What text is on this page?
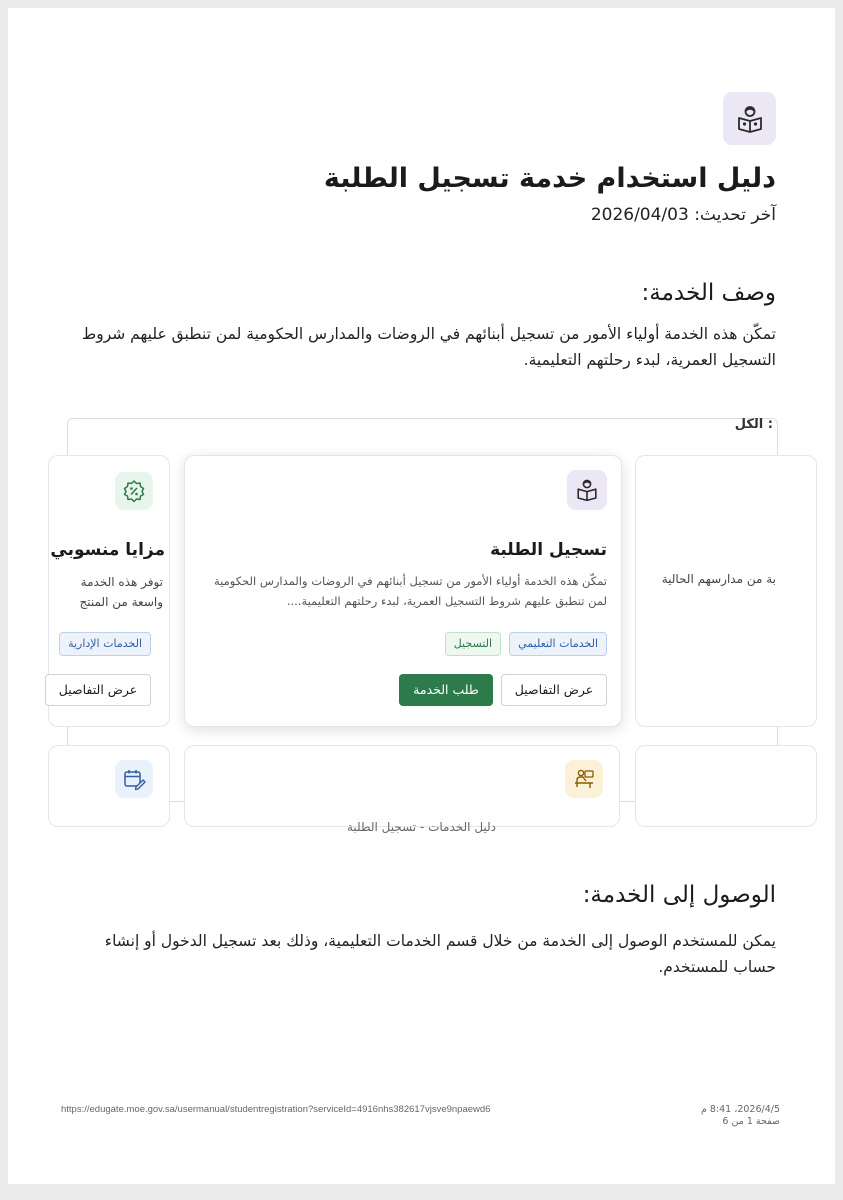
دليل استخدام خدمة تسجيل الطلبة
آخر تحديث: 2026/04/03
وصف الخدمة:
تمكّن هذه الخدمة أولياء الأمور من تسجيل أبنائهم في الروضات والمدارس الحكومية لمن تنطبق عليهم شروط التسجيل العمرية، لبدء رحلتهم التعليمية.
: الكل
بة من مدارسهم الحالية
تسجيل الطلبة
تمكّن هذه الخدمة أولياء الأمور من تسجيل أبنائهم في الروضات والمدارس الحكومية لمن تنطبق عليهم شروط التسجيل العمرية، لبدء رحلتهم التعليمية....
الخدمات التعليمي
التسجيل
عرض التفاصيل
طلب الخدمة
مزايا منسوبي
توفر هذه الخدمة
واسعة من المنتج
الخدمات الإدارية
عرض التفاصيل
دليل الخدمات - تسجيل الطلبة
الوصول إلى الخدمة:
يمكن للمستخدم الوصول إلى الخدمة من خلال قسم الخدمات التعليمية، وذلك بعد تسجيل الدخول أو إنشاء حساب للمستخدم.
https://edugate.moe.gov.sa/usermanual/studentregistration?serviceId=4916nhs382617vjsve9npaewd6	2026/4/5، 8:41 م
صفحة 1 من 6
